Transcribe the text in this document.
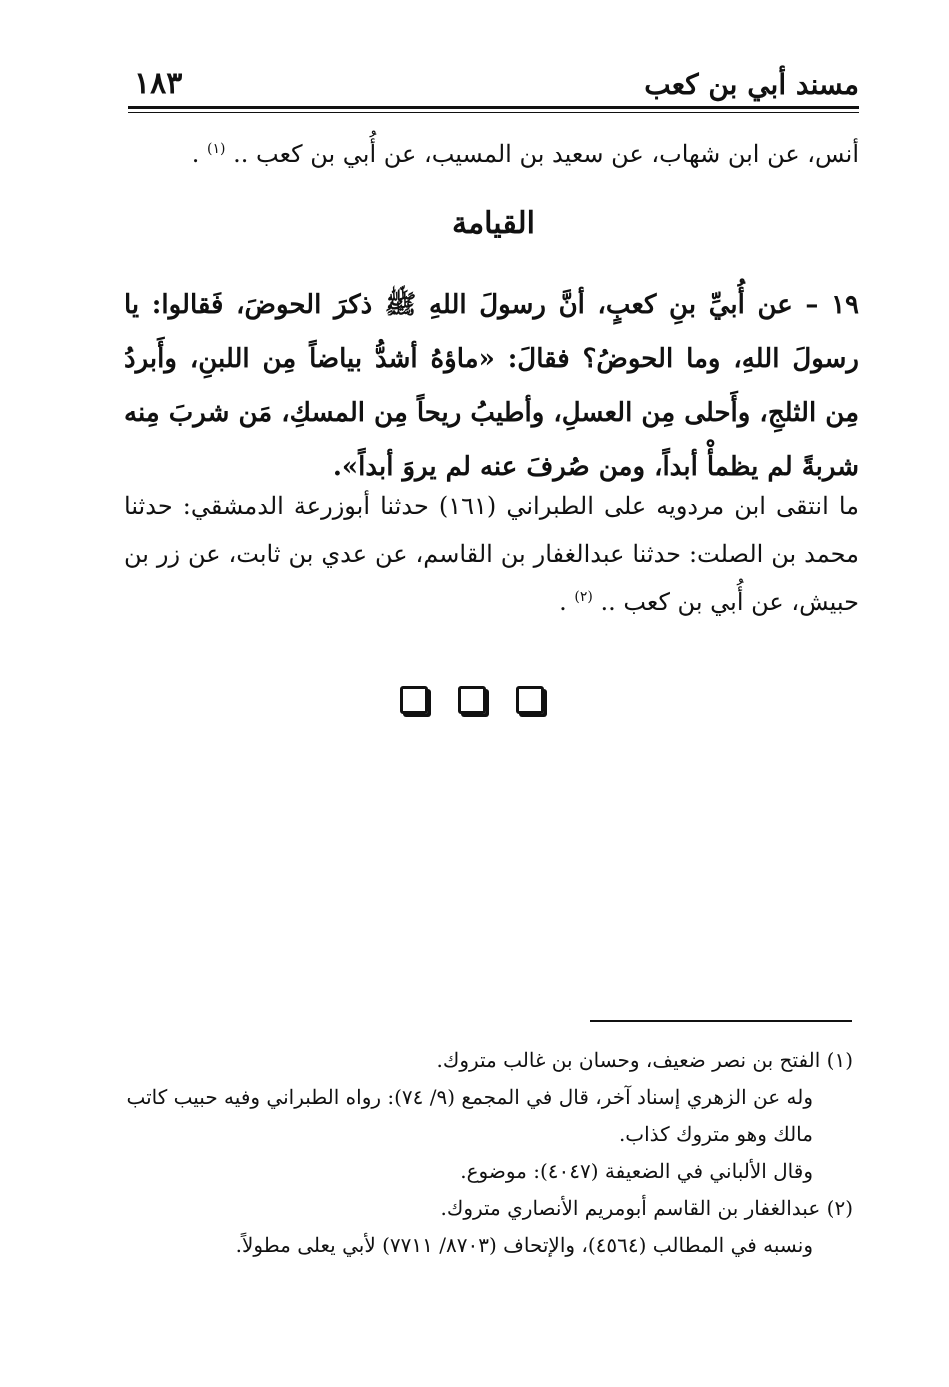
مسند أبي بن كعب
١٨٣
أنس، عن ابن شهاب، عن سعيد بن المسيب، عن أُبي بن كعب .. $^{(١)}$ .
القيامة
١٩ – عن أُبيِّ بنِ كعبٍ، أنَّ رسولَ اللهِ ﷺ ذكرَ الحوضَ، فَقالوا: يا رسولَ اللهِ، وما الحوضُ؟ فقالَ: «ماؤهُ أشدُّ بياضاً مِن اللبنِ، وأَبردُ مِن الثلجِ، وأَحلى مِن العسلِ، وأطيبُ ريحاً مِن المسكِ، مَن شربَ مِنه شربةً لم يظمأْ أبداً، ومن صُرفَ عنه لم يروَ أبداً».
ما انتقى ابن مردويه على الطبراني (١٦١) حدثنا أبوزرعة الدمشقي: حدثنا محمد بن الصلت: حدثنا عبدالغفار بن القاسم، عن عدي بن ثابت، عن زر بن حبيش، عن أُبي بن كعب .. $^{(٢)}$ .
(١) الفتح بن نصر ضعيف، وحسان بن غالب متروك.
وله عن الزهري إسناد آخر، قال في المجمع (٩/ ٧٤): رواه الطبراني وفيه حبيب كاتب مالك وهو متروك كذاب.
وقال الألباني في الضعيفة (٤٠٤٧): موضوع.
(٢) عبدالغفار بن القاسم أبومريم الأنصاري متروك.
ونسبه في المطالب (٤٥٦٤)، والإتحاف (٨٧٠٣/ ٧٧١١) لأبي يعلى مطولاً.
